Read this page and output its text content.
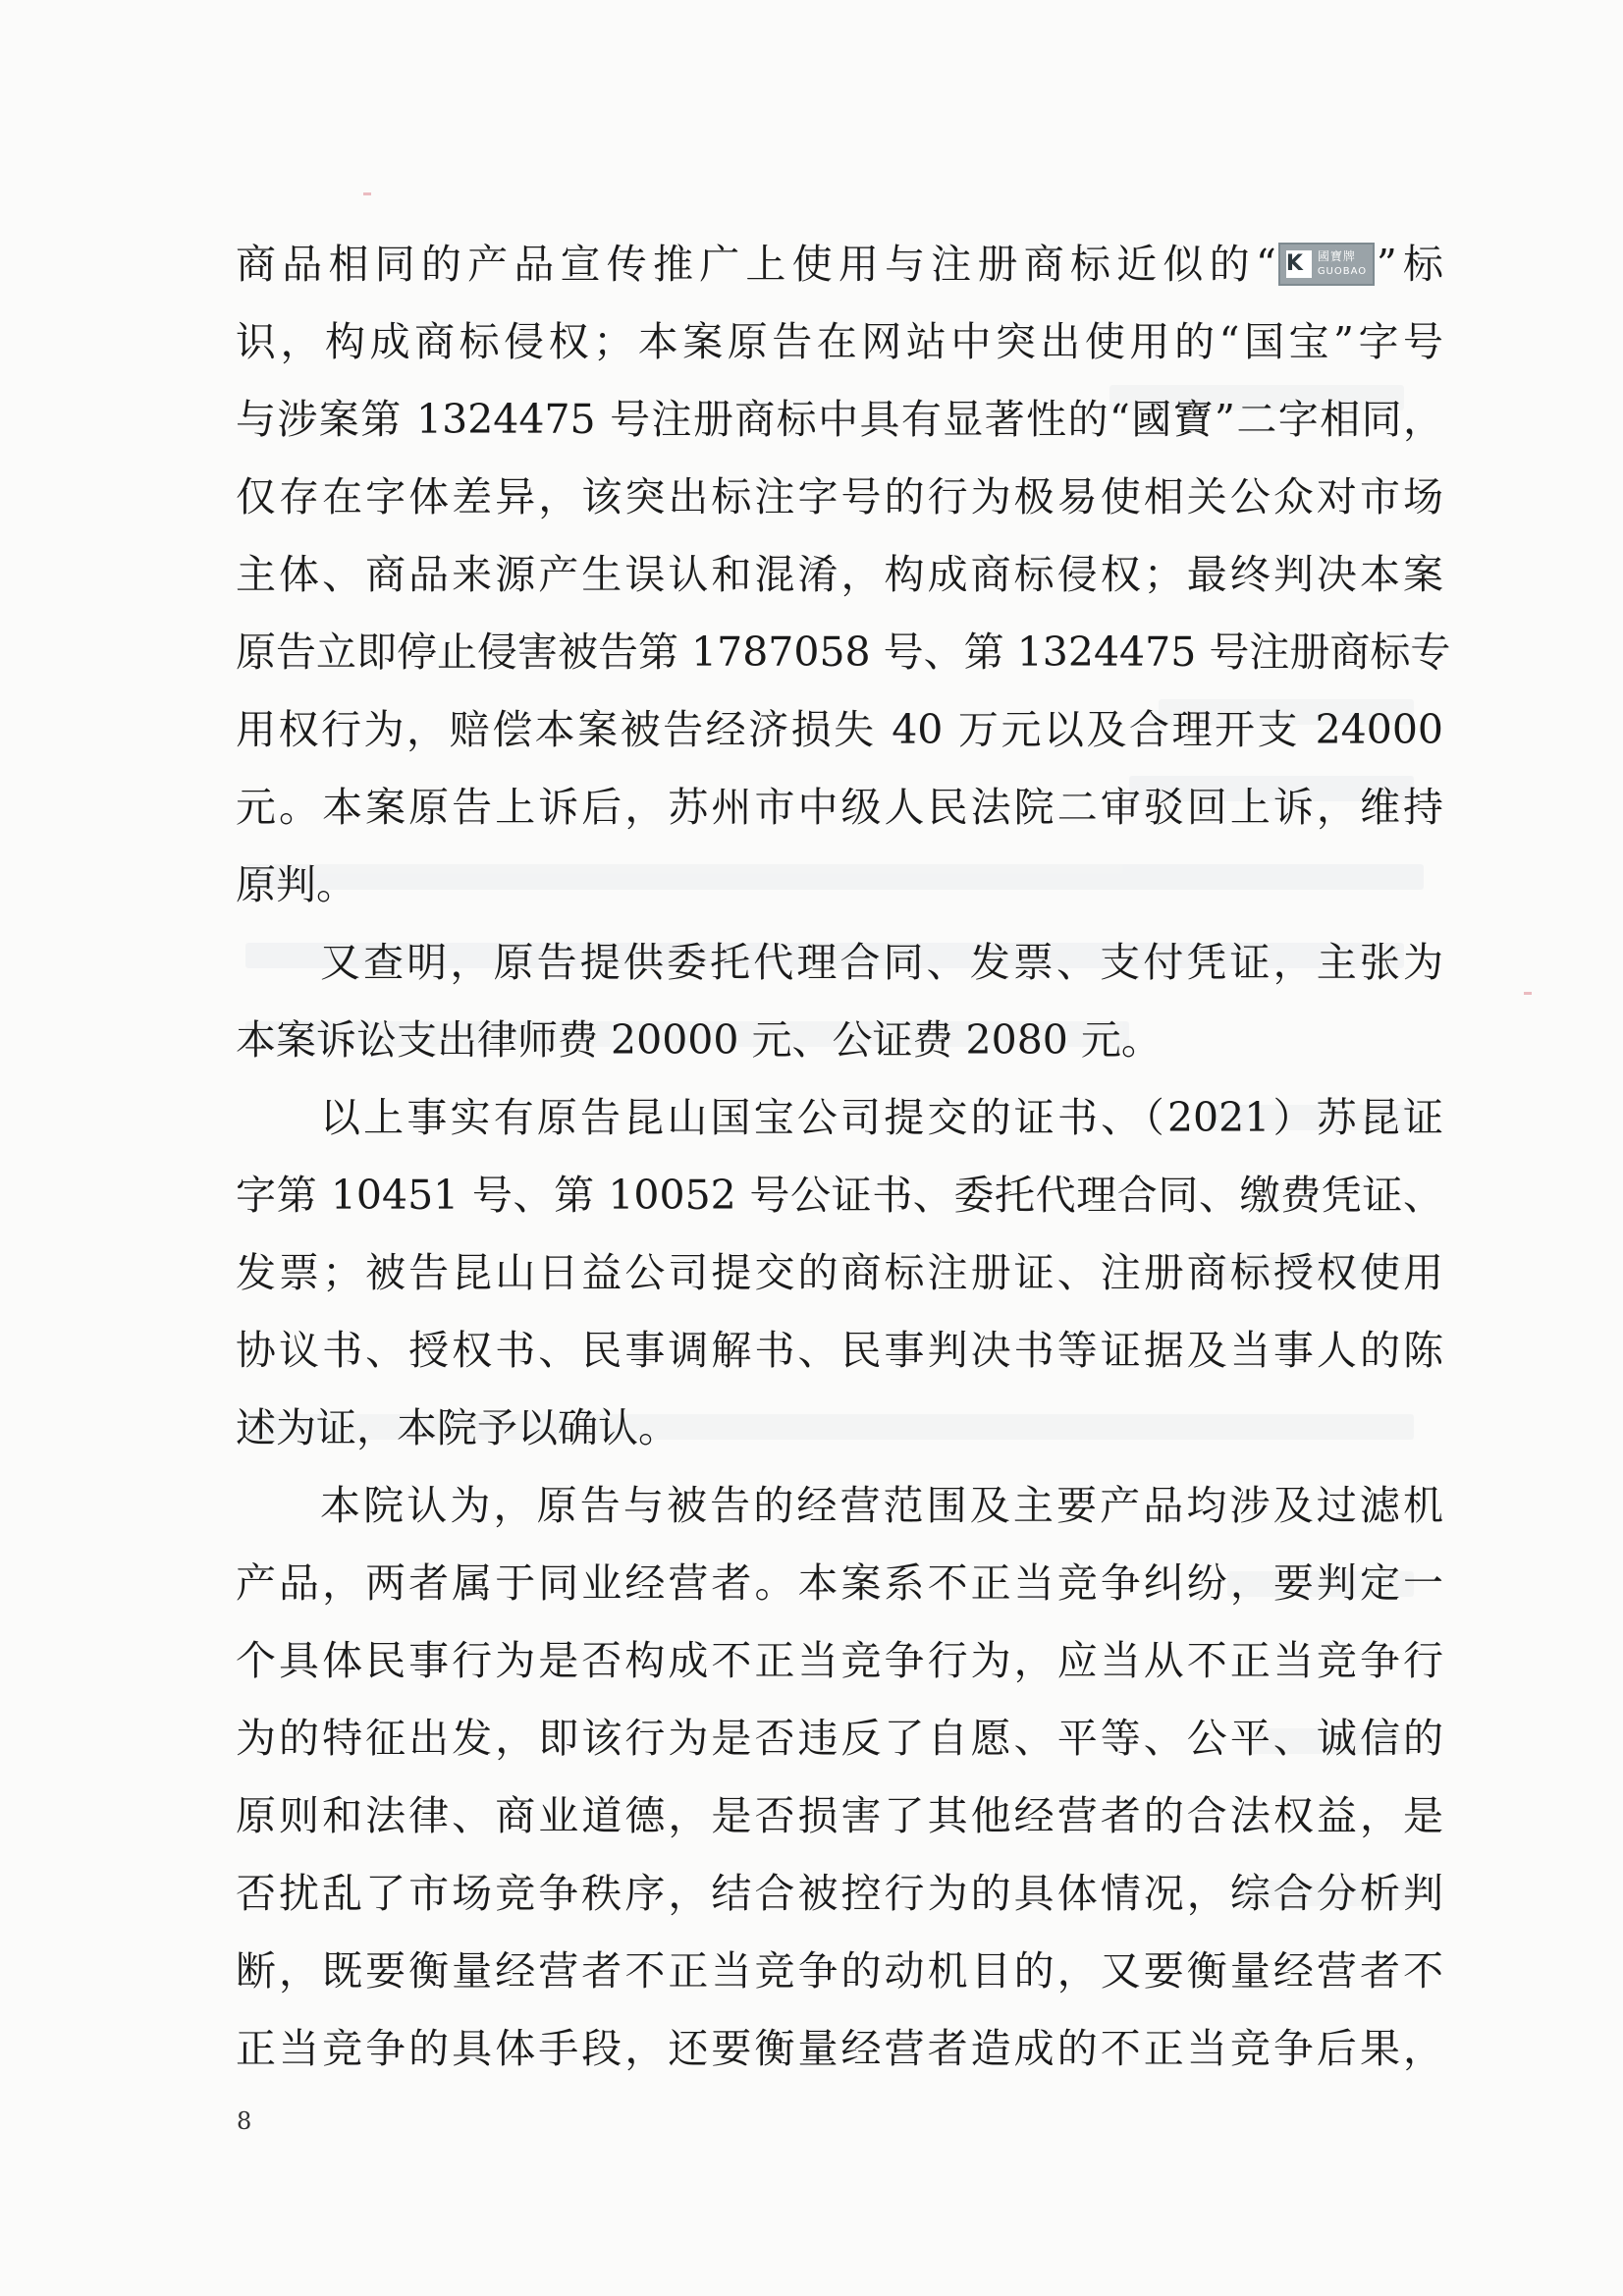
商品相同的产品宣传推广上使用与注册商标近似的“ K	國寶牌
GUOBAO ”标
识，构成商标侵权；本案原告在网站中突出使用的“国宝”字号
与涉案第 1324475 号注册商标中具有显著性的“國寶”二字相同，
仅存在字体差异，该突出标注字号的行为极易使相关公众对市场
主体、商品来源产生误认和混淆，构成商标侵权；最终判决本案
原告立即停止侵害被告第 1787058 号、第 1324475 号注册商标专
用权行为，赔偿本案被告经济损失 40 万元以及合理开支 24000
元。本案原告上诉后，苏州市中级人民法院二审驳回上诉，维持
原判。
又查明，原告提供委托代理合同、发票、支付凭证，主张为
本案诉讼支出律师费 20000 元、公证费 2080 元。
以上事实有原告昆山国宝公司提交的证书、（2021）苏昆证
字第 10451 号、第 10052 号公证书、委托代理合同、缴费凭证、
发票；被告昆山日益公司提交的商标注册证、注册商标授权使用
协议书、授权书、民事调解书、民事判决书等证据及当事人的陈
述为证，本院予以确认。
本院认为，原告与被告的经营范围及主要产品均涉及过滤机
产品，两者属于同业经营者。本案系不正当竞争纠纷，要判定一
个具体民事行为是否构成不正当竞争行为，应当从不正当竞争行
为的特征出发，即该行为是否违反了自愿、平等、公平、诚信的
原则和法律、商业道德，是否损害了其他经营者的合法权益，是
否扰乱了市场竞争秩序，结合被控行为的具体情况，综合分析判
断，既要衡量经营者不正当竞争的动机目的，又要衡量经营者不
正当竞争的具体手段，还要衡量经营者造成的不正当竞争后果，
8
